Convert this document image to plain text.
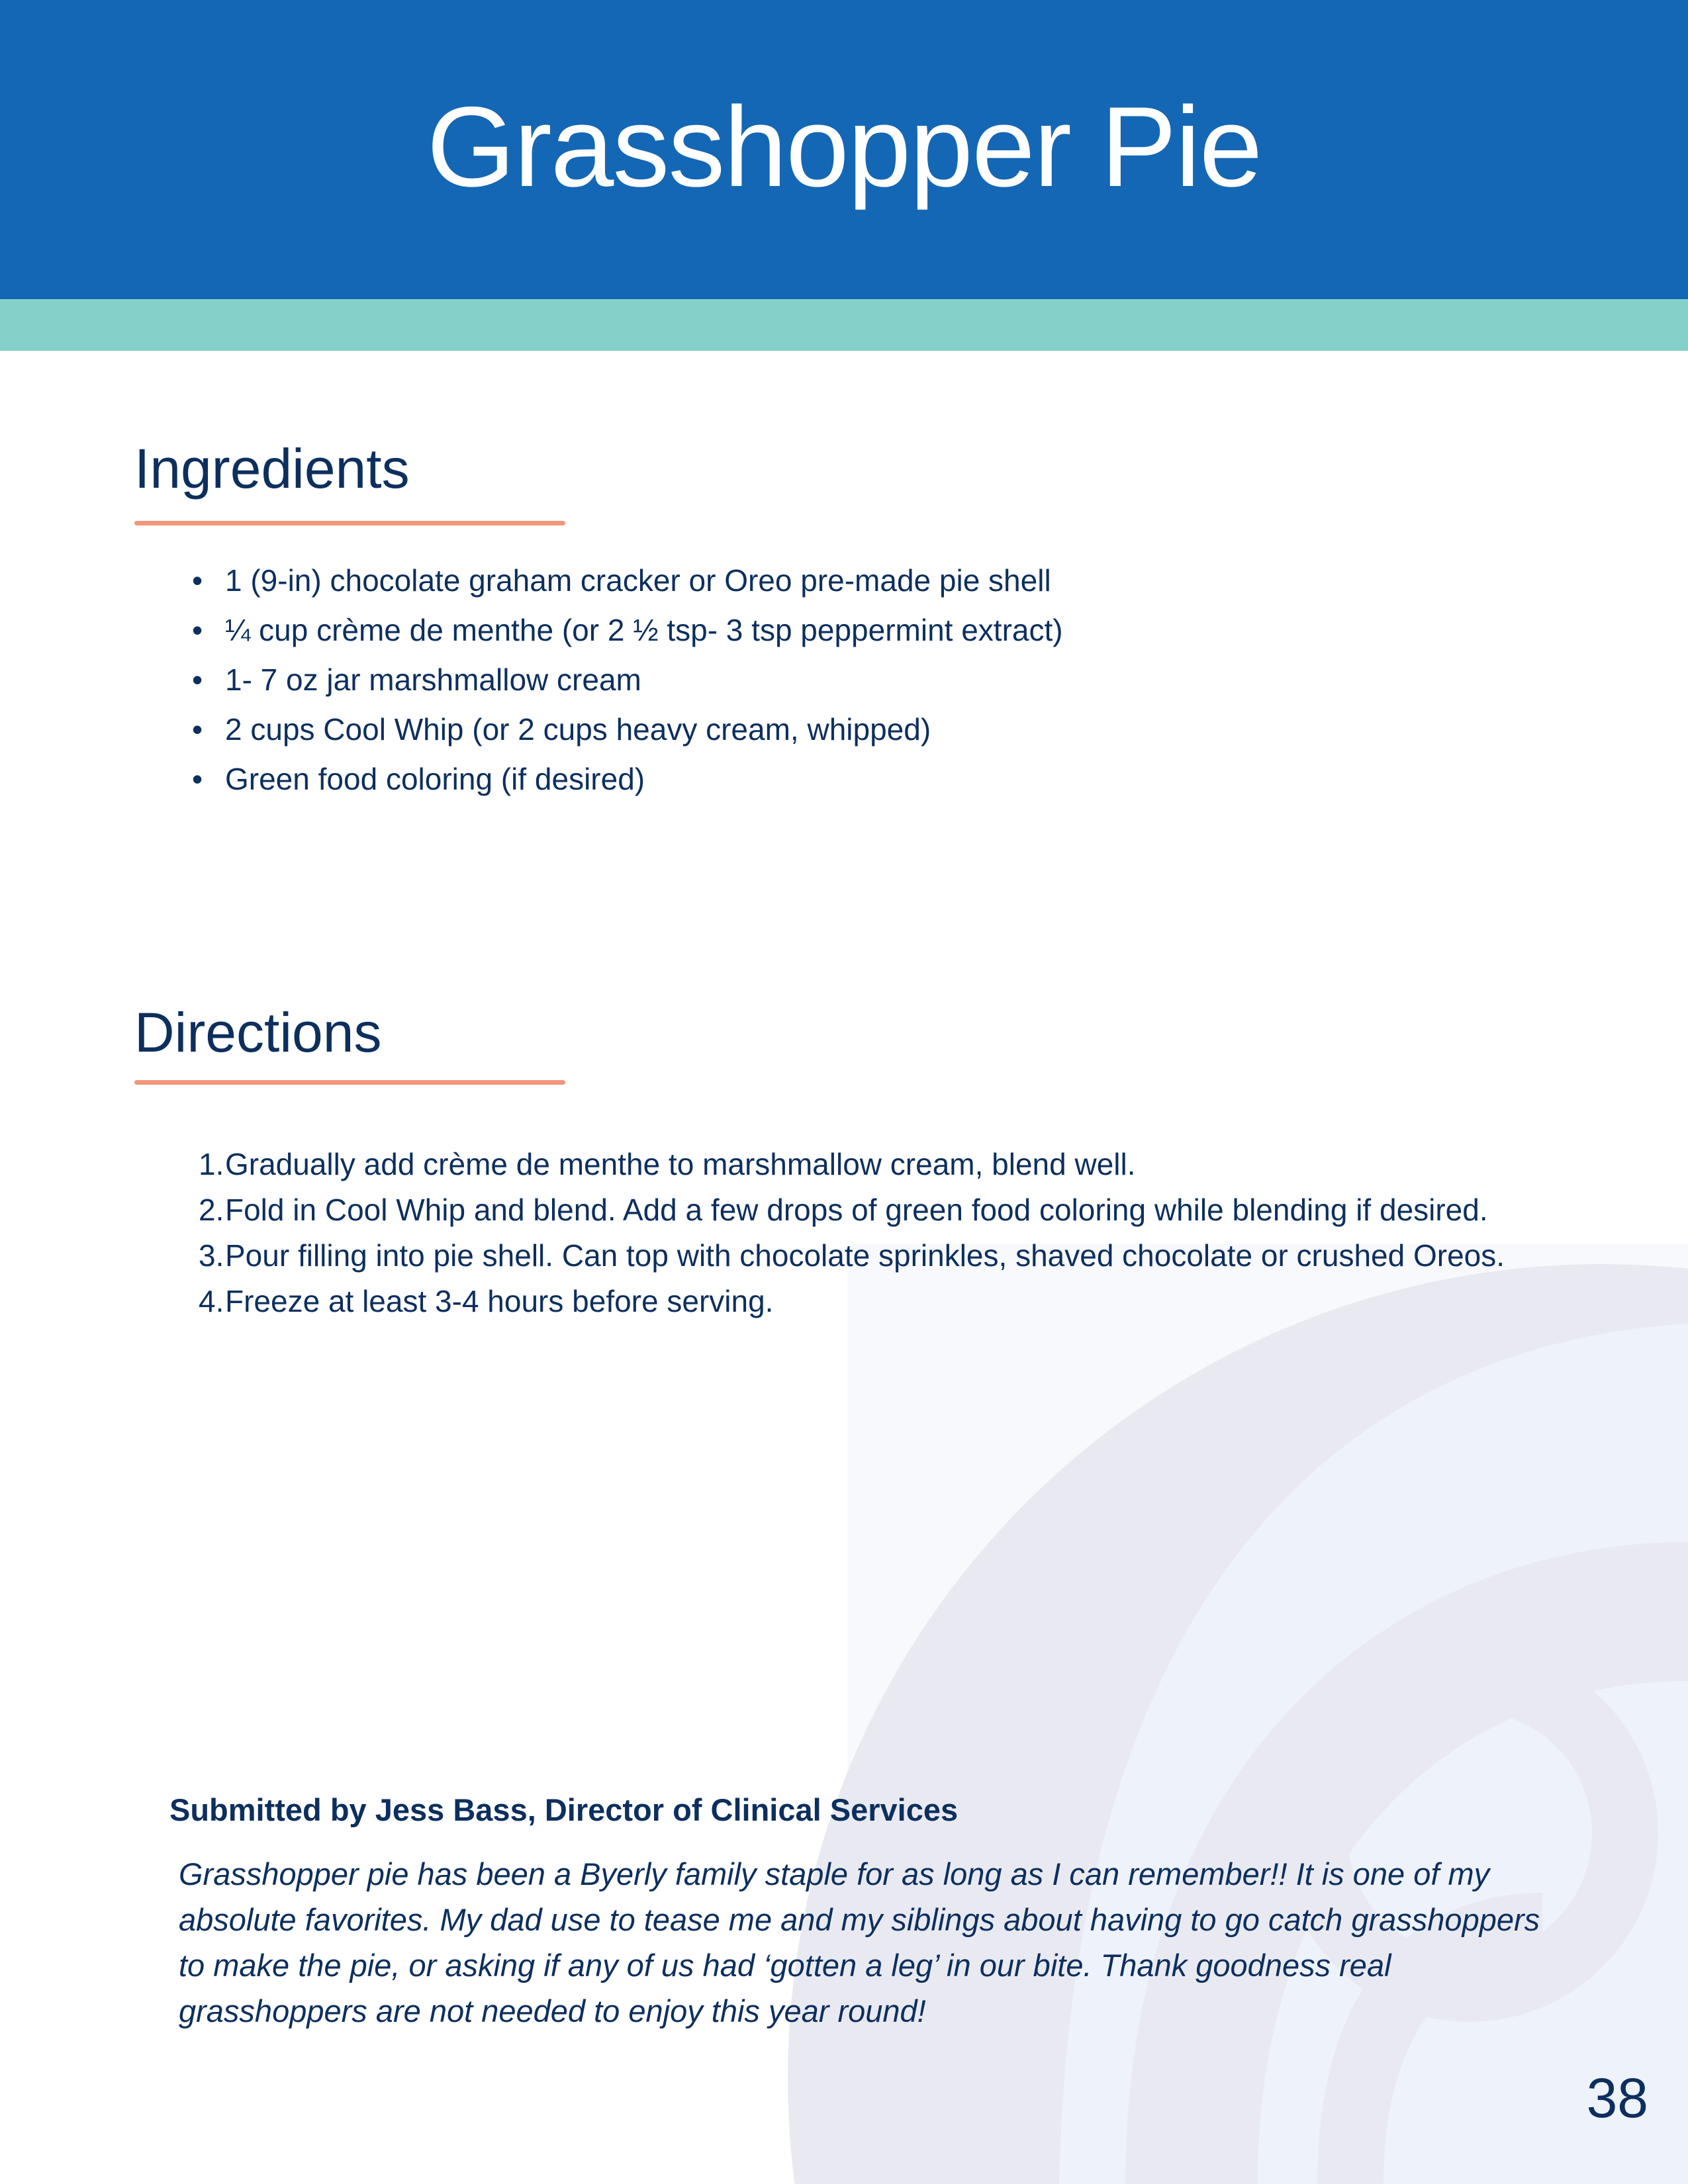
Grasshopper Pie
Ingredients
• 1 (9-in) chocolate graham cracker or Oreo pre-made pie shell
• ¼ cup crème de menthe (or 2 ½ tsp- 3 tsp peppermint extract)
• 1- 7 oz jar marshmallow cream
• 2 cups Cool Whip (or 2 cups heavy cream, whipped)
• Green food coloring (if desired)
Directions
1. Gradually add crème de menthe to marshmallow cream, blend well.
2. Fold in Cool Whip and blend. Add a few drops of green food coloring while blending if desired.
3. Pour filling into pie shell. Can top with chocolate sprinkles, shaved chocolate or crushed Oreos.
4. Freeze at least 3-4 hours before serving.
Submitted by Jess Bass, Director of Clinical Services

Grasshopper pie has been a Byerly family staple for as long as I can remember!! It is one of my absolute favorites. My dad use to tease me and my siblings about having to go catch grasshoppers to make the pie, or asking if any of us had ‘gotten a leg’ in our bite. Thank goodness real grasshoppers are not needed to enjoy this year round!

38
